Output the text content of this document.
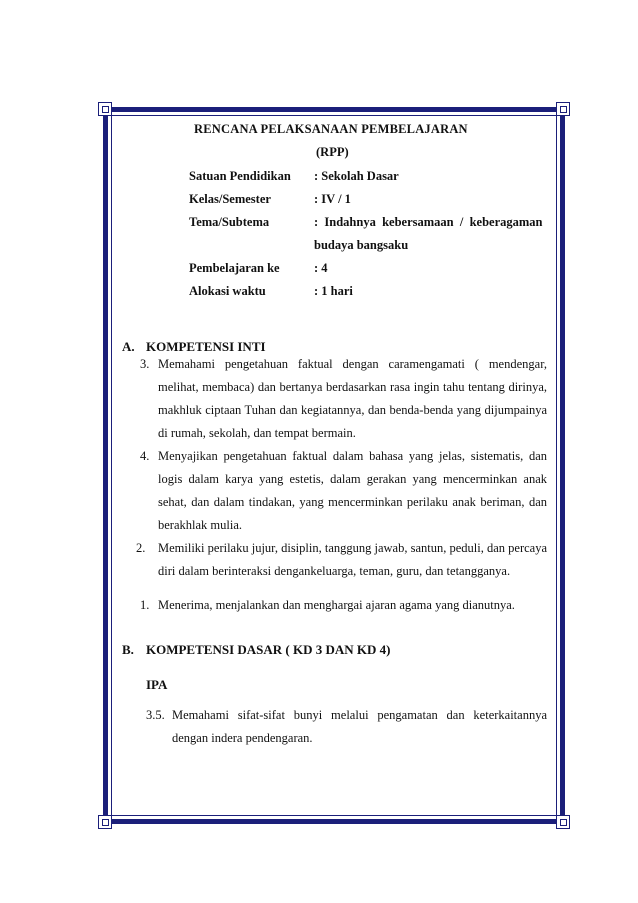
RENCANA PELAKSANAAN PEMBELAJARAN
(RPP)
Satuan Pendidikan : Sekolah Dasar
Kelas/Semester	: IV / 1
Tema/Subtema	:  Indahnya  kebersamaan  /  keberagaman
budaya bangsaku
Pembelajaran ke	: 4
Alokasi waktu	: 1 hari
A. KOMPETENSI INTI
3. Memahami pengetahuan faktual dengan caramengamati ( mendengar, melihat, membaca) dan bertanya berdasarkan rasa ingin tahu tentang dirinya, makhluk ciptaan Tuhan dan kegiatannya, dan benda-benda yang dijumpainya di rumah, sekolah, dan tempat bermain.
4. Menyajikan pengetahuan faktual dalam bahasa yang jelas, sistematis, dan logis dalam karya yang estetis, dalam gerakan yang mencerminkan anak sehat, dan dalam tindakan, yang mencerminkan perilaku anak beriman, dan berakhlak mulia.
2. Memiliki perilaku jujur, disiplin, tanggung jawab, santun, peduli, dan percaya diri dalam berinteraksi dengankeluarga, teman, guru, dan tetangganya.
1. Menerima, menjalankan dan menghargai ajaran agama yang dianutnya.
B. KOMPETENSI DASAR ( KD 3 DAN KD 4)
IPA
3.5. Memahami sifat-sifat bunyi melalui pengamatan dan keterkaitannya dengan indera pendengaran.
